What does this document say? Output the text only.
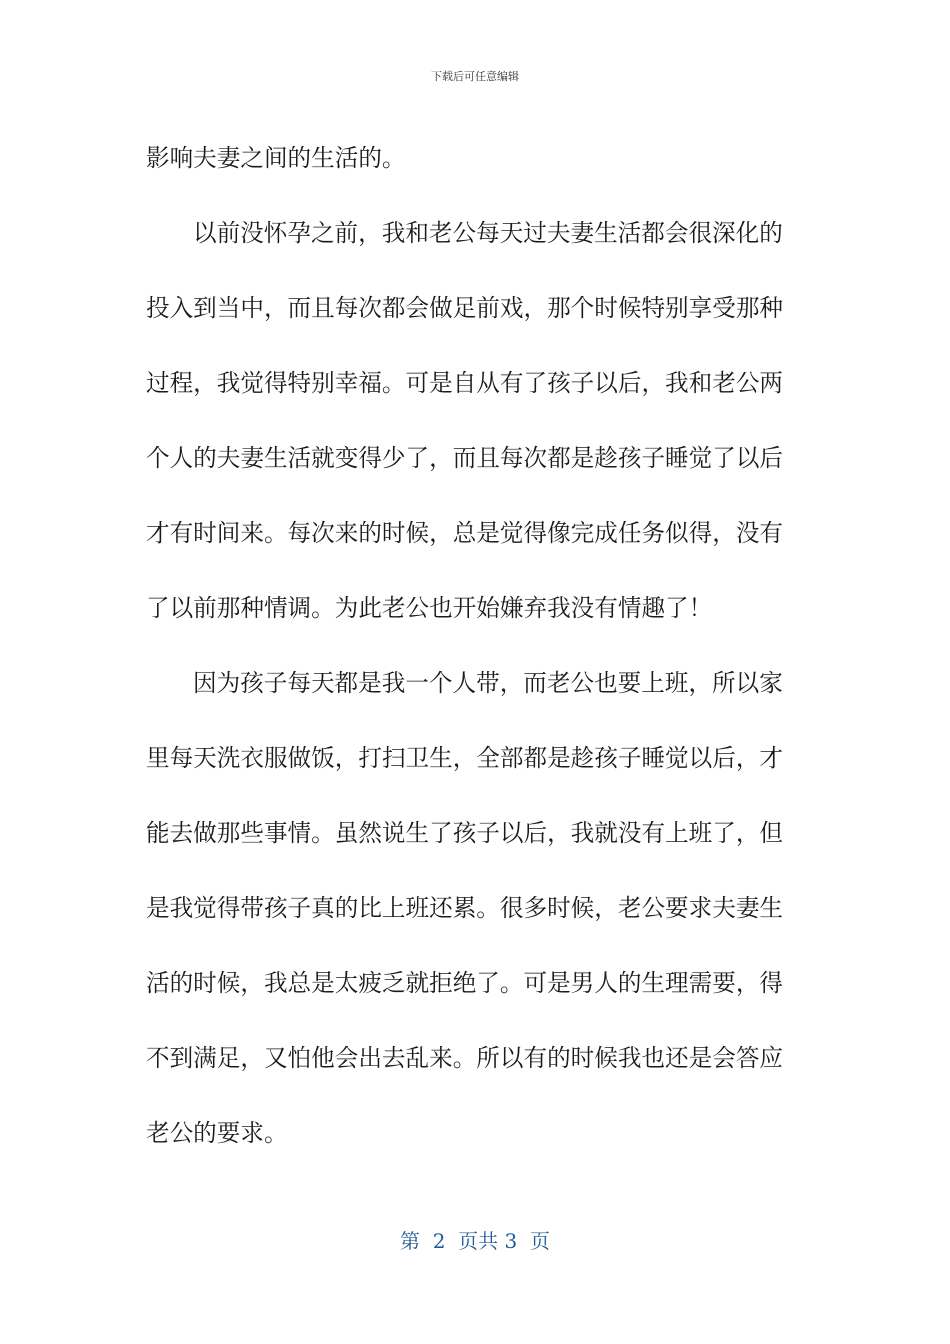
下载后可任意编辑
影响夫妻之间的生活的。
以前没怀孕之前，我和老公每天过夫妻生活都会很深化的
投入到当中，而且每次都会做足前戏，那个时候特别享受那种
过程，我觉得特别幸福。可是自从有了孩子以后，我和老公两
个人的夫妻生活就变得少了，而且每次都是趁孩子睡觉了以后
才有时间来。每次来的时候，总是觉得像完成任务似得，没有
了以前那种情调。为此老公也开始嫌弃我没有情趣了！
因为孩子每天都是我一个人带，而老公也要上班，所以家
里每天洗衣服做饭，打扫卫生，全部都是趁孩子睡觉以后，才
能去做那些事情。虽然说生了孩子以后，我就没有上班了，但
是我觉得带孩子真的比上班还累。很多时候，老公要求夫妻生
活的时候，我总是太疲乏就拒绝了。可是男人的生理需要，得
不到满足，又怕他会出去乱来。所以有的时候我也还是会答应
老公的要求。
第  2  页共 3  页
